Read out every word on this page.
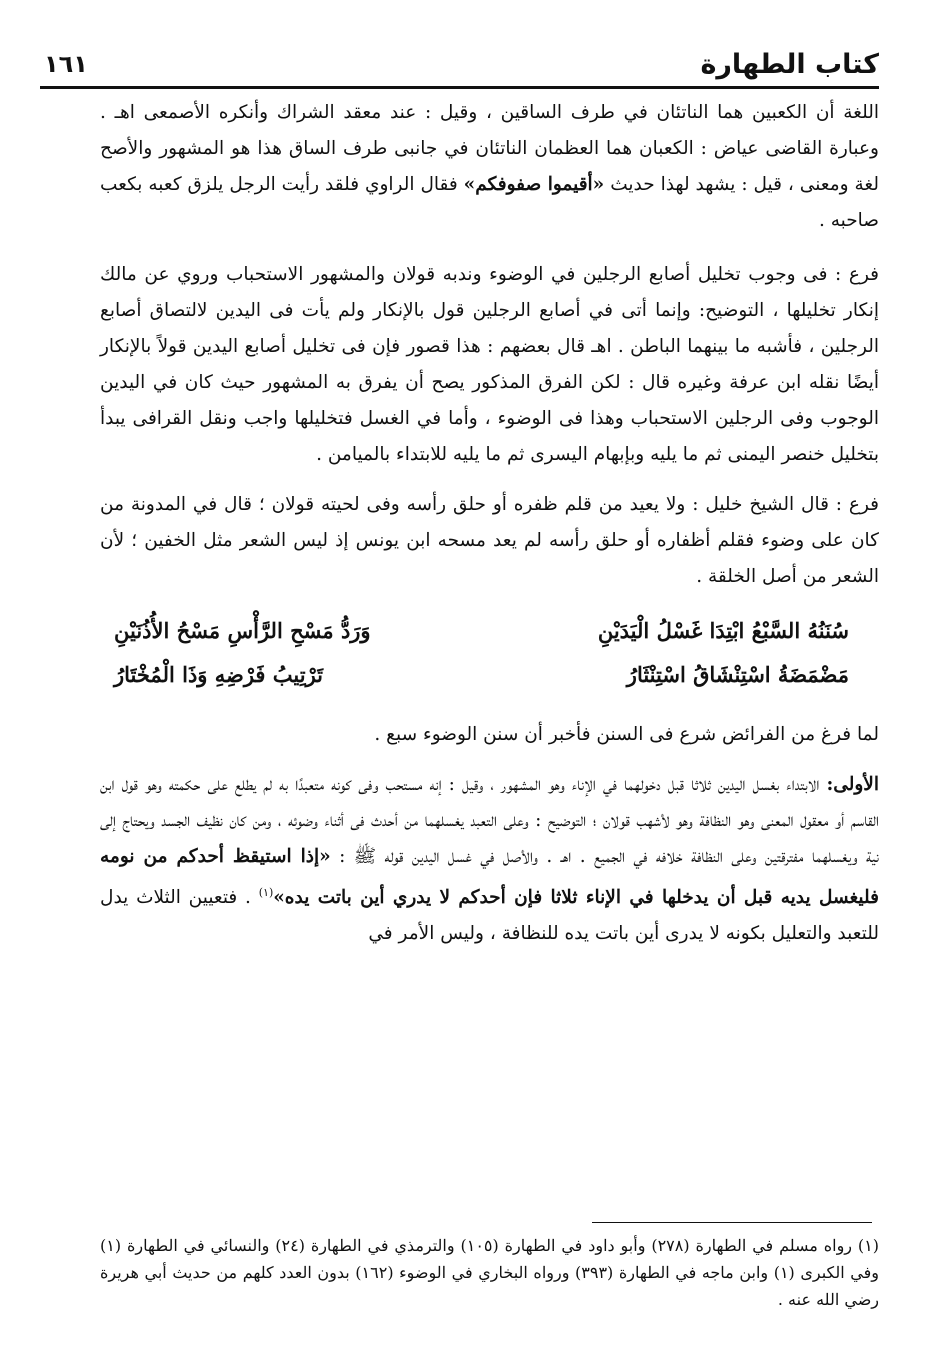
كتاب الطهارة
١٦١

اللغة أن الكعبين هما الناتئان في طرف الساقين ، وقيل : عند معقد الشراك وأنكره الأصمعى اهـ . وعبارة القاضى عياض : الكعبان هما العظمان الناتئان في جانبى طرف الساق هذا هو المشهور والأصح لغة ومعنى ، قيل : يشهد لهذا حديث «أقيموا صفوفكم» فقال الراوي فلقد رأيت الرجل يلزق كعبه بكعب صاحبه .

فرع : فى وجوب تخليل أصابع الرجلين في الوضوء وندبه قولان والمشهور الاستحباب وروي عن مالك إنكار تخليلها ، التوضيح: وإنما أتى في أصابع الرجلين قول بالإنكار ولم يأت فى اليدين لالتصاق أصابع الرجلين ، فأشبه ما بينهما الباطن . اهـ قال بعضهم : هذا قصور فإن فى تخليل أصابع اليدين قولاً بالإنكار أيضًا نقله ابن عرفة وغيره قال : لكن الفرق المذكور يصح أن يفرق به المشهور حيث كان في اليدين الوجوب وفى الرجلين الاستحباب وهذا فى الوضوء ، وأما في الغسل فتخليلها واجب ونقل القرافى يبدأ بتخليل خنصر اليمنى ثم ما يليه وبإبهام اليسرى ثم ما يليه للابتداء بالميامن .

فرع : قال الشيخ خليل : ولا يعيد من قلم ظفره أو حلق رأسه وفى لحيته قولان ؛ قال في المدونة من كان على وضوء فقلم أظفاره أو حلق رأسه لم يعد مسحه ابن يونس إذ ليس الشعر مثل الخفين ؛ لأن الشعر من أصل الخلقة .

سُنَنُهُ السَّبْعُ ابْتِدَا غَسْلُ الْيَدَيْنِ
وَرَدُّ مَسْحِ الرَّأْسِ مَسْحُ الأُذُنَيْنِ
مَضْمَضَةُ اسْتِنْشَاقُ اسْتِنْثَارُ
تَرْتِيبُ فَرْضِهِ وَذَا الْمُخْتَارُ

لما فرغ من الفرائض شرع فى السنن فأخبر أن سنن الوضوء سبع .

الأولى: الابتداء بغسل اليدين ثلاثا قبل دخولهما في الإناء وهو المشهور ، وقيل : إنه مستحب وفى كونه متعبدًا به لم يطلع على حكمته وهو قول ابن القاسم أو معقول المعنى وهو النظافة وهو لأشهب قولان ؛ التوضيح : وعلى التعبد يغسلهما من أحدث فى أثناء وضوئه ، ومن كان نظيف الجسد ويحتاج إلى نية ويغسلهما مفترقتين وعلى النظافة خلافه في الجميع . اهـ . والأصل في غسل اليدين قوله ﷺ : «إذا استيقظ أحدكم من نومه فليغسل يديه قبل أن يدخلها في الإناء ثلاثا فإن أحدكم لا يدري أين باتت يده»$^{(١)}$ . فتعيين الثلاث يدل للتعبد والتعليل بكونه لا يدرى أين باتت يده للنظافة ، وليس الأمر في

(١) رواه مسلم في الطهارة (٢٧٨) وأبو داود في الطهارة (١٠٥) والترمذي في الطهارة (٢٤) والنسائي في الطهارة (١) وفي الكبرى (١) وابن ماجه في الطهارة (٣٩٣) ورواه البخاري في الوضوء (١٦٢) بدون العدد كلهم من حديث أبي هريرة رضي الله عنه .
